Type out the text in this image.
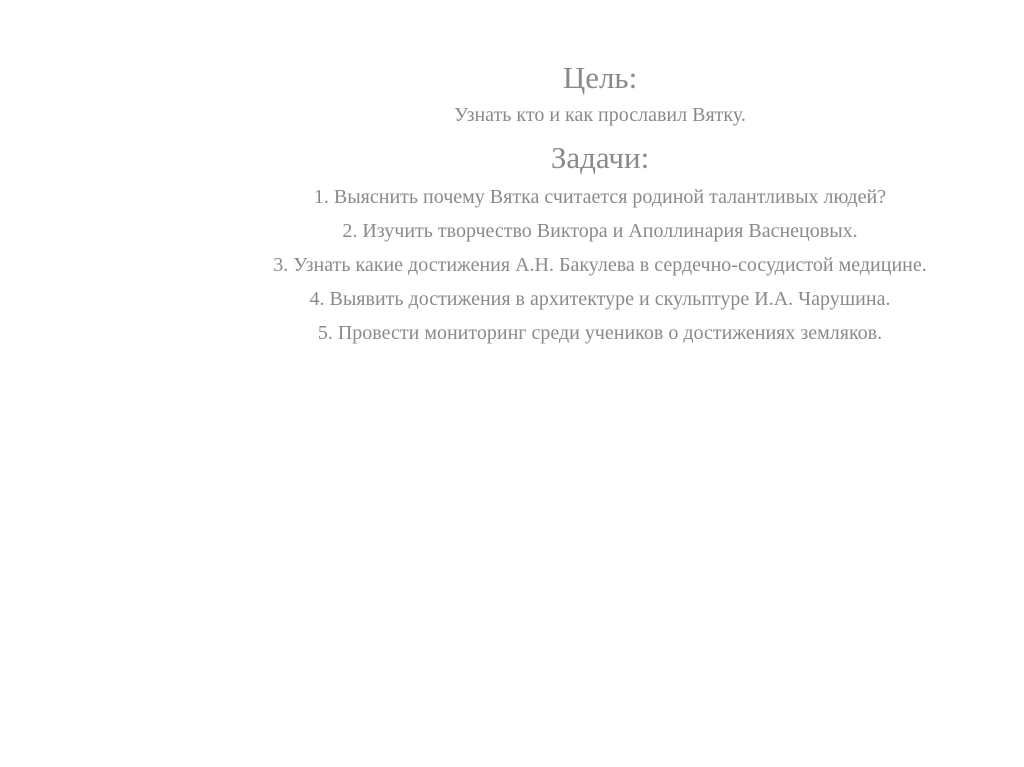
Цель:

Узнать кто и как прославил Вятку.

Задачи:
1. Выяснить почему Вятка считается родиной талантливых людей?
2. Изучить творчество Виктора и Аполлинария Васнецовых.
3. Узнать какие достижения А.Н. Бакулева в сердечно-сосудистой медицине.
4. Выявить достижения в архитектуре и скульптуре И.А. Чарушина.
5. Провести мониторинг среди учеников о достижениях земляков.
